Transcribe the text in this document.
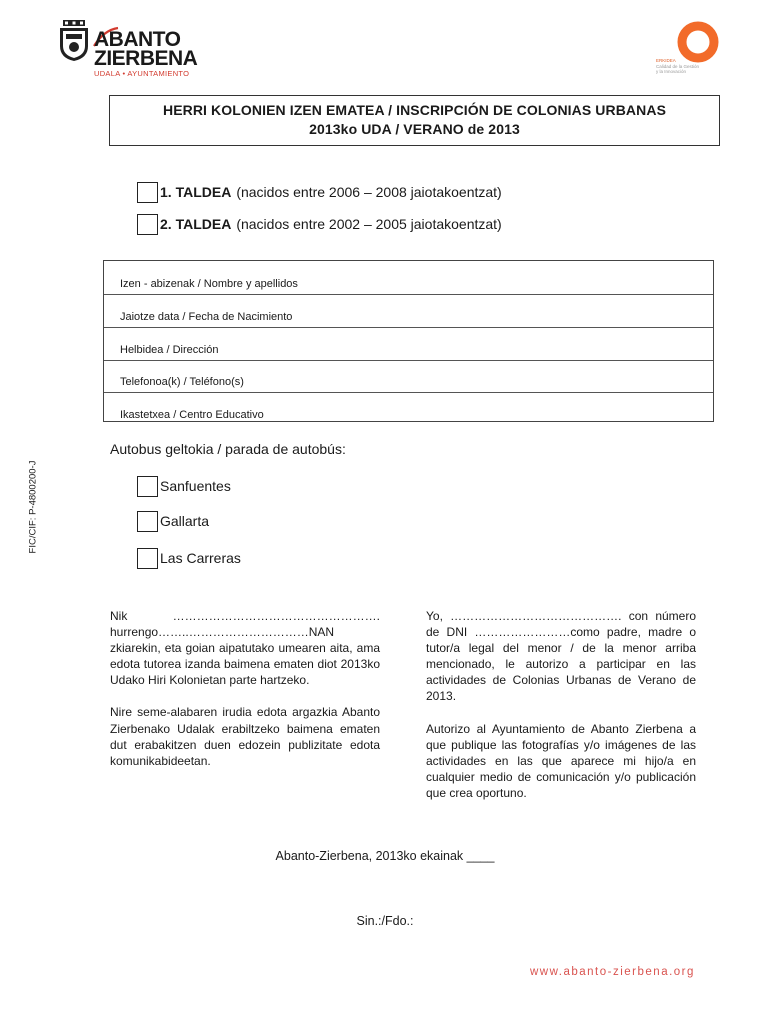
ABANTO
ZIERBENA
UDALA • AYUNTAMIENTO
ERKIDEA
Calidad de la Gestión
y la Innovación
HERRI KOLONIEN IZEN EMATEA / INSCRIPCIÓN DE COLONIAS URBANAS
2013ko UDA / VERANO de 2013
1. TALDEA (nacidos entre 2006 – 2008 jaiotakoentzat)
2. TALDEA (nacidos entre 2002 – 2005 jaiotakoentzat)
Izen - abizenak / Nombre y apellidos
Jaiotze data / Fecha de Nacimiento
Helbidea / Dirección
Telefonoa(k) / Teléfono(s)
Ikastetxea / Centro Educativo
Autobus geltokia / parada de autobús:
Sanfuentes
Gallarta
Las Carreras
FIC/CIF: P-4800200-J
Nik ……………………………………………. hurrengo……..…………………………NAN zkiarekin, eta goian aipatutako umearen aita, ama edota tutorea izanda baimena ematen diot 2013ko Udako Hiri Kolonietan parte hartzeko.
Nire seme-alabaren irudia edota argazkia Abanto Zierbenako Udalak erabiltzeko baimena ematen dut erabakitzen duen edozein publizitate edota komunikabideetan.
Yo, ……………………………………. con número de DNI ……………………como padre, madre o tutor/a legal del menor / de la menor arriba mencionado, le autorizo a participar en las actividades de Colonias Urbanas de Verano de 2013.
Autorizo al Ayuntamiento de Abanto Zierbena a que publique las fotografías y/o imágenes de las actividades en las que aparece mi hijo/a en cualquier medio de comunicación y/o publicación que crea oportuno.
Abanto-Zierbena, 2013ko ekainak ____
Sin.:/Fdo.:
www.abanto-zierbena.org
